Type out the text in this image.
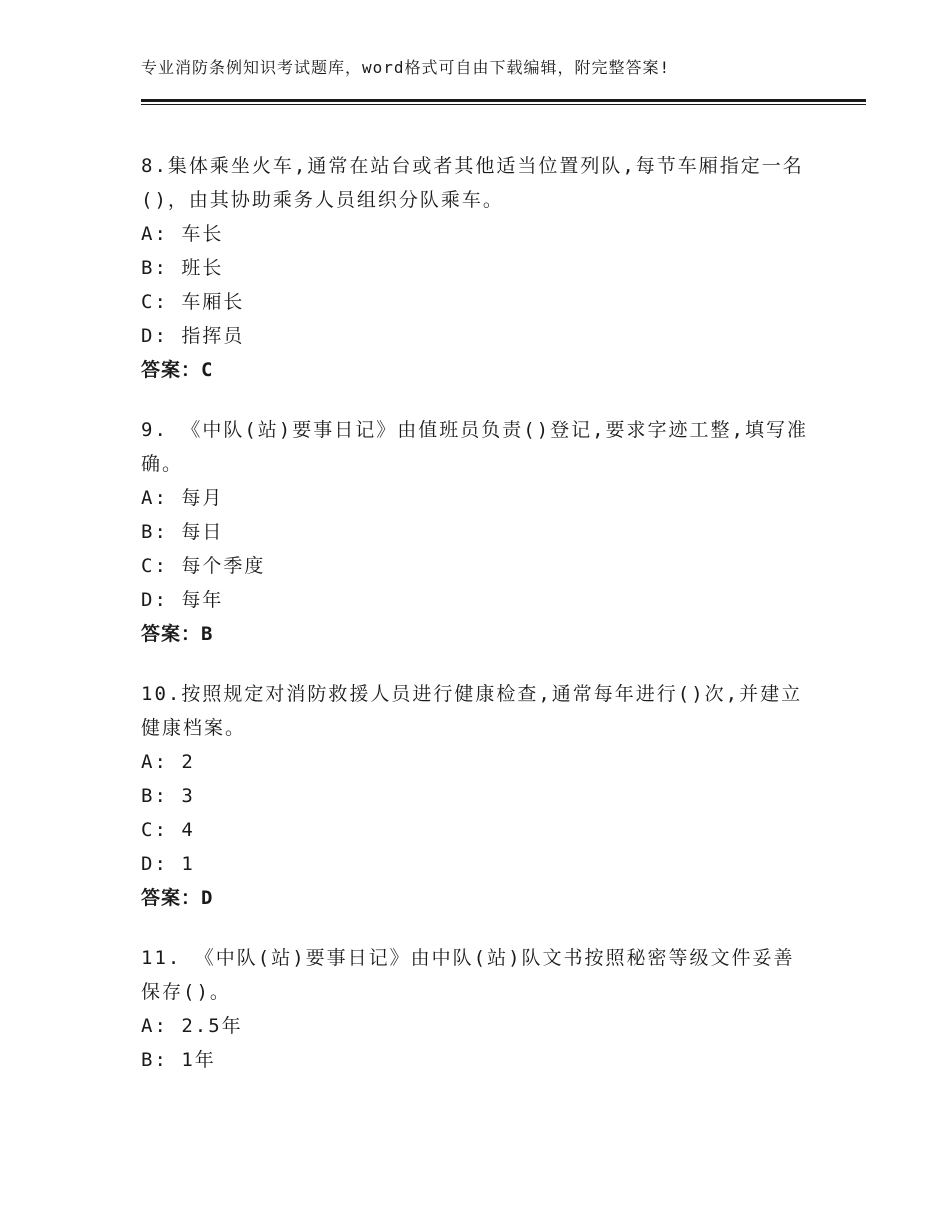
专业消防条例知识考试题库，word格式可自由下载编辑，附完整答案!

8.集体乘坐火车,通常在站台或者其他适当位置列队,每节车厢指定一名()，由其协助乘务人员组织分队乘车。

A: 车长

B: 班长

C: 车厢长

D: 指挥员

答案：C

9. 《中队(站)要事日记》由值班员负责()登记,要求字迹工整,填写准确。

A: 每月

B: 每日

C: 每个季度

D: 每年

答案：B

10.按照规定对消防救援人员进行健康检查,通常每年进行()次,并建立健康档案。

A: 2

B: 3

C: 4

D: 1

答案：D

11. 《中队(站)要事日记》由中队(站)队文书按照秘密等级文件妥善保存()。

A: 2.5年

B: 1年
